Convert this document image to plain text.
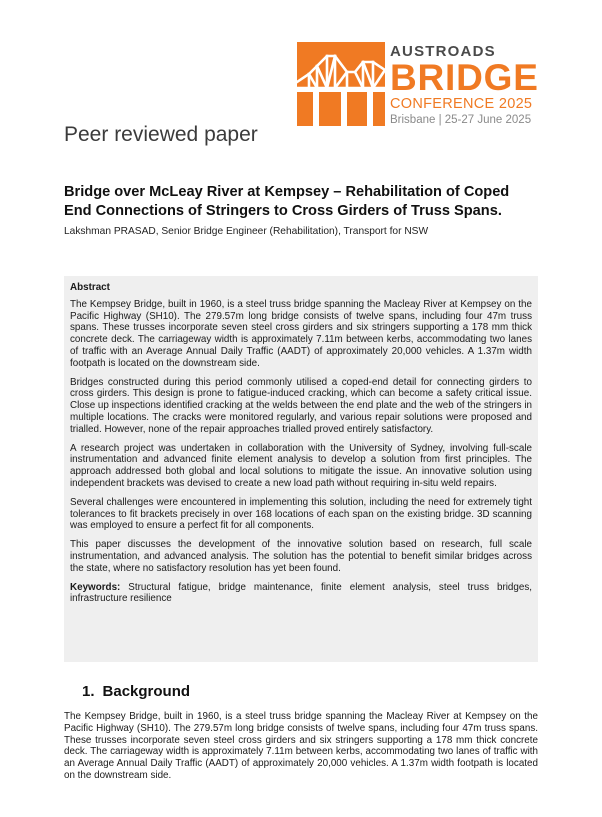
AUSTROADS
BRIDGE
CONFERENCE 2025
Brisbane | 25-27 June 2025
Peer reviewed paper
Bridge over McLeay River at Kempsey – Rehabilitation of Coped End Connections of Stringers to Cross Girders of Truss Spans.
Lakshman PRASAD, Senior Bridge Engineer (Rehabilitation), Transport for NSW
Abstract

The Kempsey Bridge, built in 1960, is a steel truss bridge spanning the Macleay River at Kempsey on the Pacific Highway (SH10). The 279.57m long bridge consists of twelve spans, including four 47m truss spans. These trusses incorporate seven steel cross girders and six stringers supporting a 178 mm thick concrete deck. The carriageway width is approximately 7.11m between kerbs, accommodating two lanes of traffic with an Average Annual Daily Traffic (AADT) of approximately 20,000 vehicles. A 1.37m width footpath is located on the downstream side.

Bridges constructed during this period commonly utilised a coped-end detail for connecting girders to cross girders. This design is prone to fatigue-induced cracking, which can become a safety critical issue. Close up inspections identified cracking at the welds between the end plate and the web of the stringers in multiple locations. The cracks were monitored regularly, and various repair solutions were proposed and trialled. However, none of the repair approaches trialled proved entirely satisfactory.

A research project was undertaken in collaboration with the University of Sydney, involving full-scale instrumentation and advanced finite element analysis to develop a solution from first principles. The approach addressed both global and local solutions to mitigate the issue. An innovative solution using independent brackets was devised to create a new load path without requiring in-situ weld repairs.

Several challenges were encountered in implementing this solution, including the need for extremely tight tolerances to fit brackets precisely in over 168 locations of each span on the existing bridge. 3D scanning was employed to ensure a perfect fit for all components.

This paper discusses the development of the innovative solution based on research, full scale instrumentation, and advanced analysis. The solution has the potential to benefit similar bridges across the state, where no satisfactory resolution has yet been found.

Keywords: Structural fatigue, bridge maintenance, finite element analysis, steel truss bridges, infrastructure resilience
1. Background
The Kempsey Bridge, built in 1960, is a steel truss bridge spanning the Macleay River at Kempsey on the Pacific Highway (SH10). The 279.57m long bridge consists of twelve spans, including four 47m truss spans. These trusses incorporate seven steel cross girders and six stringers supporting a 178 mm thick concrete deck. The carriageway width is approximately 7.11m between kerbs, accommodating two lanes of traffic with an Average Annual Daily Traffic (AADT) of approximately 20,000 vehicles. A 1.37m width footpath is located on the downstream side.
